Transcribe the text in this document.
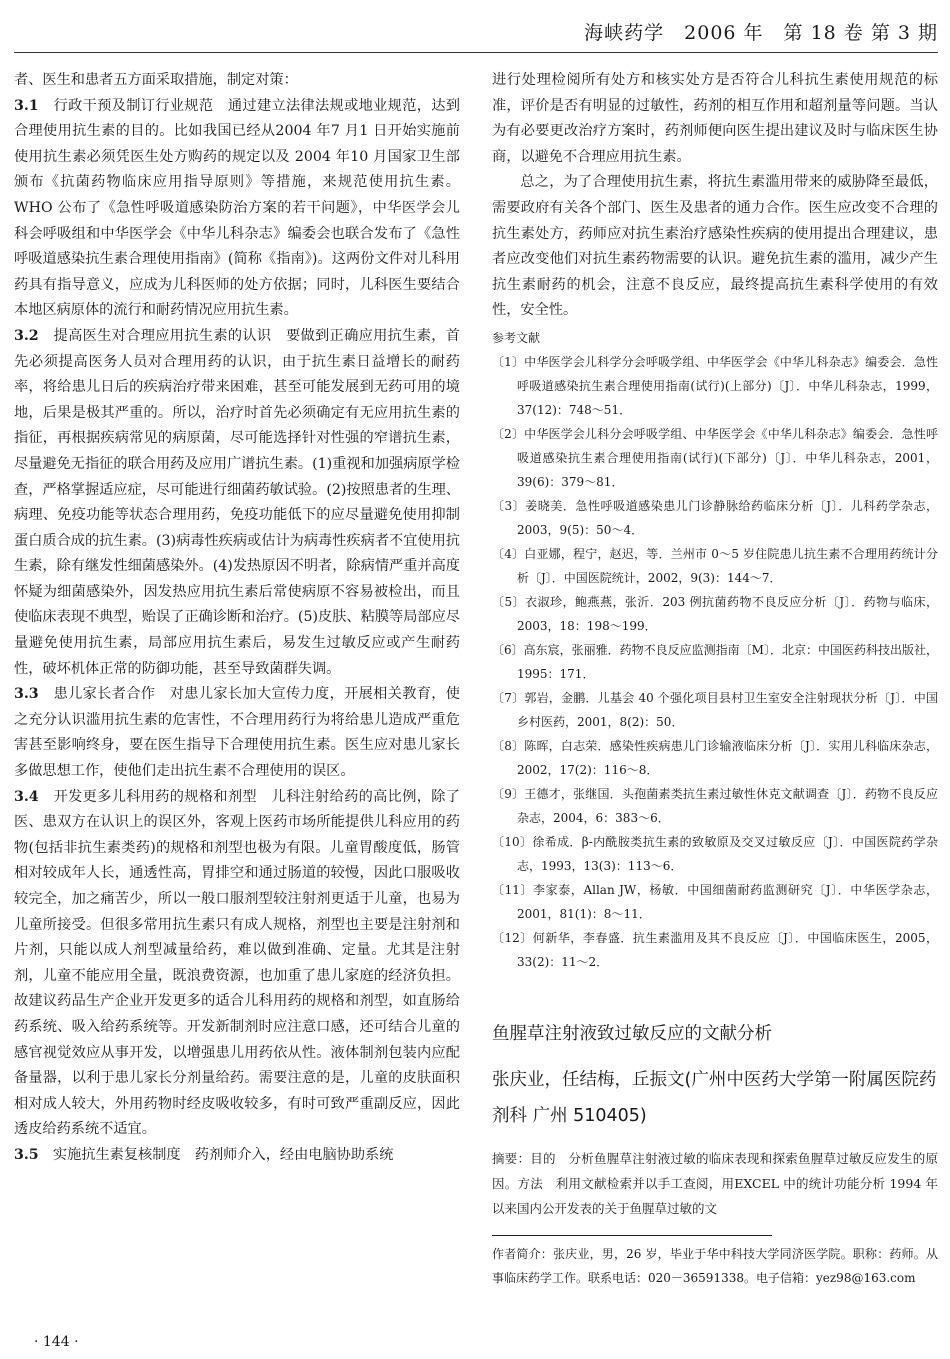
海峡药学　2006 年　第 18 卷 第 3 期

者、医生和患者五方面采取措施，制定对策：

3.1　 行政干预及制订行业规范　 通过建立法律法规或地业规范，达到合理使用抗生素的目的。比如我国已经从2004 年7 月1 日开始实施前使用抗生素必须凭医生处方购药的规定以及 2004 年10 月国家卫生部颁布《抗菌药物临床应用指导原则》等措施，来规范使用抗生素。WHO 公布了《急性呼吸道感染防治方案的若干问题》，中华医学会儿科会呼吸组和中华医学会《中华儿科杂志》编委会也联合发布了《急性呼吸道感染抗生素合理使用指南》(简称《指南》)。这两份文件对儿科用药具有指导意义，应成为儿科医师的处方依据；同时，儿科医生要结合本地区病原体的流行和耐药情况应用抗生素。

3.2　 提高医生对合理应用抗生素的认识　 要做到正确应用抗生素，首先必须提高医务人员对合理用药的认识，由于抗生素日益增长的耐药率，将给患儿日后的疾病治疗带来困难，甚至可能发展到无药可用的境地，后果是极其严重的。所以，治疗时首先必须确定有无应用抗生素的指征，再根据疾病常见的病原菌，尽可能选择针对性强的窄谱抗生素，尽量避免无指征的联合用药及应用广谱抗生素。(1)重视和加强病原学检查，严格掌握适应症，尽可能进行细菌药敏试验。(2)按照患者的生理、病理、免疫功能等状态合理用药，免疫功能低下的应尽量避免使用抑制蛋白质合成的抗生素。(3)病毒性疾病或估计为病毒性疾病者不宜使用抗生素，除有继发性细菌感染外。(4)发热原因不明者，除病情严重并高度怀疑为细菌感染外，因发热应用抗生素后常使病原不容易被检出，而且使临床表现不典型，贻误了正确诊断和治疗。(5)皮肤、粘膜等局部应尽量避免使用抗生素，局部应用抗生素后，易发生过敏反应或产生耐药性，破坏机体正常的防御功能，甚至导致菌群失调。

3.3　 患儿家长者合作　 对患儿家长加大宣传力度，开展相关教育，使之充分认识滥用抗生素的危害性，不合理用药行为将给患儿造成严重危害甚至影响终身，要在医生指导下合理使用抗生素。医生应对患儿家长多做思想工作，使他们走出抗生素不合理使用的误区。

3.4　 开发更多儿科用药的规格和剂型　 儿科注射给药的高比例，除了医、患双方在认识上的误区外，客观上医药市场所能提供儿科应用的药物(包括非抗生素类药)的规格和剂型也极为有限。儿童胃酸度低，肠管相对较成年人长，通透性高，胃排空和通过肠道的较慢，因此口服吸收较完全，加之痛苦少，所以一般口服剂型较注射剂更适于儿童，也易为儿童所接受。但很多常用抗生素只有成人规格，剂型也主要是注射剂和片剂，只能以成人剂型减量给药，难以做到准确、定量。尤其是注射剂，儿童不能应用全量，既浪费资源，也加重了患儿家庭的经济负担。故建议药品生产企业开发更多的适合儿科用药的规格和剂型，如直肠给药系统、吸入给药系统等。开发新制剂时应注意口感，还可结合儿童的感官视觉效应从事开发，以增强患儿用药依从性。液体制剂包装内应配备量器，以利于患儿家长分剂量给药。需要注意的是，儿童的皮肤面积相对成人较大，外用药物时经皮吸收较多，有时可致严重副反应，因此透皮给药系统不适宜。

3.5　 实施抗生素复核制度　 药剂师介入，经由电脑协助系统

进行处理检阅所有处方和核实处方是否符合儿科抗生素使用规范的标准，评价是否有明显的过敏性，药剂的相互作用和超剂量等问题。当认为有必要更改治疗方案时，药剂师便向医生提出建议及时与临床医生协商，以避免不合理应用抗生素。

总之，为了合理使用抗生素，将抗生素滥用带来的威胁降至最低，需要政府有关各个部门、医生及患者的通力合作。医生应改变不合理的抗生素处方，药师应对抗生素治疗感染性疾病的使用提出合理建议，患者应改变他们对抗生素药物需要的认识。避免抗生素的滥用，减少产生抗生素耐药的机会，注意不良反应，最终提高抗生素科学使用的有效性，安全性。

参考文献

〔1〕中华医学会儿科学分会呼吸学组、中华医学会《中华儿科杂志》编委会．急性呼吸道感染抗生素合理使用指南(试行)(上部分)〔J〕．中华儿科杂志，1999，37(12)：748～51．

〔2〕中华医学会儿科分会呼吸学组、中华医学会《中华儿科杂志》编委会．急性呼吸道感染抗生素合理使用指南(试行)(下部分)〔J〕．中华儿科杂志，2001，39(6)：379～81．

〔3〕姜晓美．急性呼吸道感染患儿门诊静脉给药临床分析〔J〕．儿科药学杂志，2003，9(5)：50～4．

〔4〕白亚娜，程宁，赵迟，等．兰州市 0～5 岁住院患儿抗生素不合理用药统计分析〔J〕．中国医院统计，2002，9(3)：144～7．

〔5〕衣淑珍，鲍燕燕，张沂．203 例抗菌药物不良反应分析〔J〕．药物与临床，2003，18：198～199．

〔6〕高东宸，张丽雅．药物不良反应监测指南〔M〕．北京：中国医药科技出版社，1995：171．

〔7〕郭岩，金鹏．儿基会 40 个强化项目县村卫生室安全注射现状分析〔J〕．中国乡村医药，2001，8(2)：50．

〔8〕陈晖，白志荣．感染性疾病患儿门诊输液临床分析〔J〕．实用儿科临床杂志，2002，17(2)：116～8．

〔9〕王德才，张继国．头孢菌素类抗生素过敏性休克文献调查〔J〕．药物不良反应杂志，2004，6：383～6．

〔10〕徐希成．β-内酰胺类抗生素的致敏原及交叉过敏反应〔J〕．中国医院药学杂志，1993，13(3)：113～6．

〔11〕李家泰，Allan JW，杨敏．中国细菌耐药监测研究〔J〕．中华医学杂志，2001，81(1)：8～11．

〔12〕何新华，李春盛．抗生素滥用及其不良反应〔J〕．中国临床医生，2005，33(2)：11～2．

鱼腥草注射液致过敏反应的文献分析
张庆业，任结梅，丘振文(广州中医药大学第一附属医院药剂科 广州 510405)
摘要：目的　分析鱼腥草注射液过敏的临床表现和探索鱼腥草过敏反应发生的原因。方法　利用文献检索并以手工查阅，用EXCEL 中的统计功能分析 1994 年以来国内公开发表的关于鱼腥草过敏的文
作者简介：张庆业，男，26 岁，毕业于华中科技大学同济医学院。职称：药师。从事临床药学工作。联系电话：020－36591338。电子信箱：yez98@163.com
· 144 ·
